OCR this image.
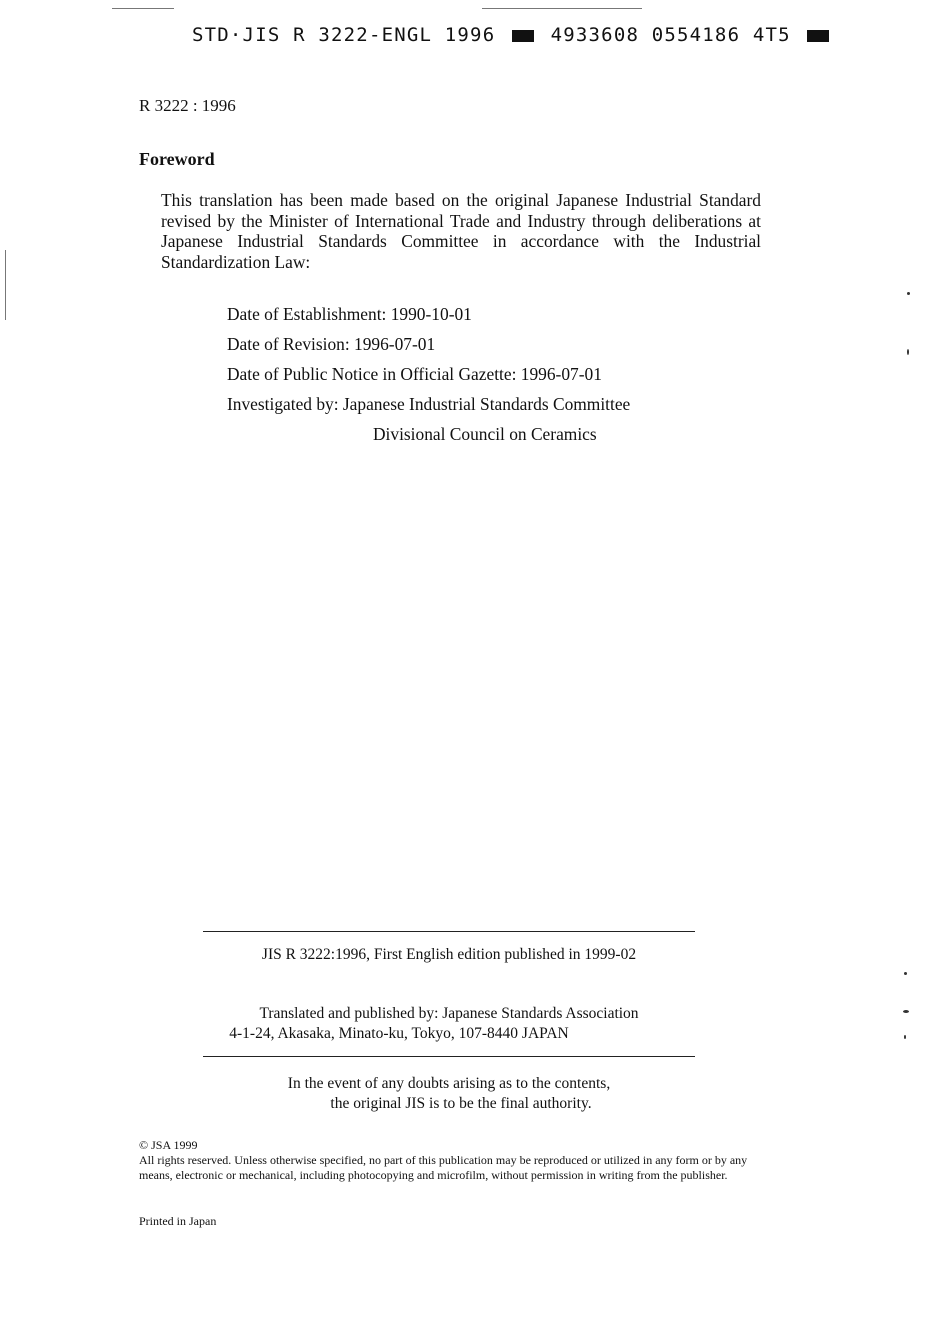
STD·JIS R 3222-ENGL 1996	4933608 0554186 4T5
R 3222 : 1996
Foreword

This translation has been made based on the original Japanese Industrial Standard revised by the Minister of International Trade and Industry through deliberations at Japanese Industrial Standards Committee in accordance with the Industrial Standardization Law:

Date of Establishment: 1990-10-01
Date of Revision: 1996-07-01
Date of Public Notice in Official Gazette: 1996-07-01
Investigated by: Japanese Industrial Standards Committee
Divisional Council on Ceramics
JIS R 3222:1996, First English edition published in 1999-02
Translated and published by: Japanese Standards Association
4-1-24, Akasaka, Minato-ku, Tokyo, 107-8440 JAPAN
In the event of any doubts arising as to the contents,
the original JIS is to be the final authority.

© JSA 1999
All rights reserved. Unless otherwise specified, no part of this publication may be reproduced or utilized in any form or by any means, electronic or mechanical, including photocopying and microfilm, without permission in writing from the publisher.

Printed in Japan
